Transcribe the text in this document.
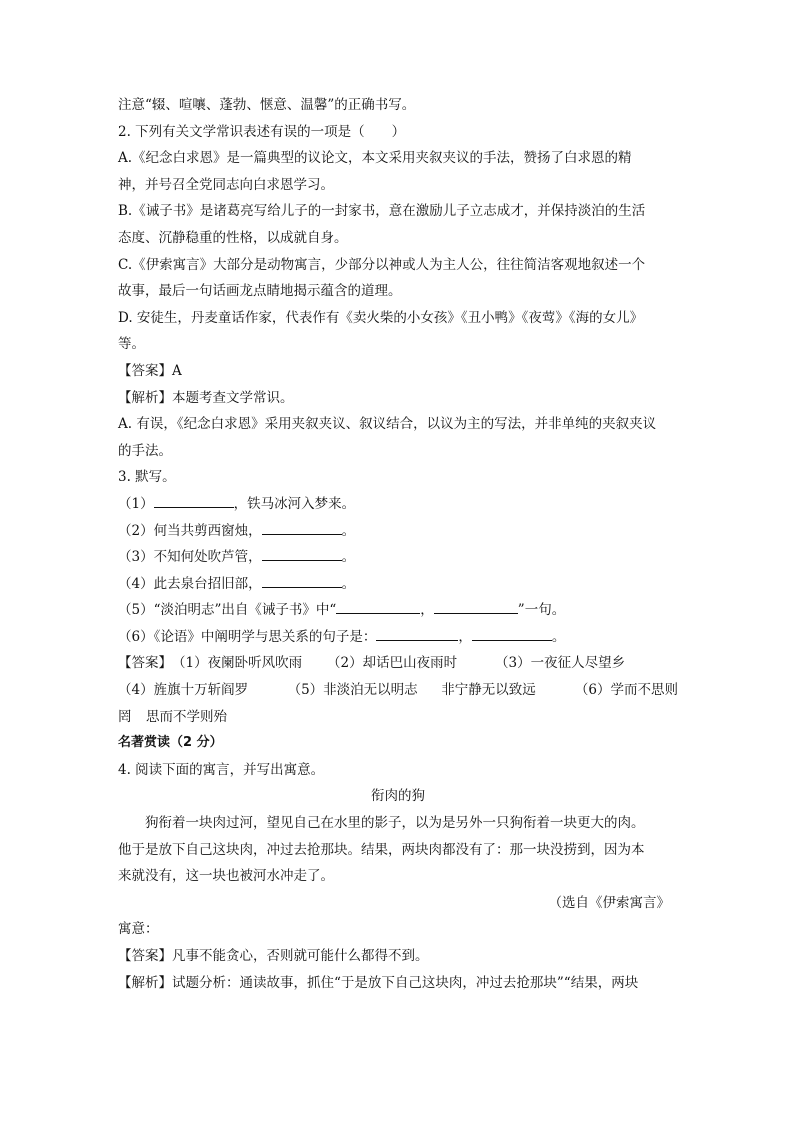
注意“辍、喧嚷、蓬勃、惬意、温馨”的正确书写。
2. 下列有关文学常识表述有误的一项是（　　）
A.《纪念白求恩》是一篇典型的议论文，本文采用夹叙夹议的手法，赞扬了白求恩的精
神，并号召全党同志向白求恩学习。
B.《诫子书》是诸葛亮写给儿子的一封家书，意在激励儿子立志成才，并保持淡泊的生活
态度、沉静稳重的性格，以成就自身。
C.《伊索寓言》大部分是动物寓言，少部分以神或人为主人公，往往简洁客观地叙述一个
故事，最后一句话画龙点睛地揭示蕴含的道理。
D. 安徒生，丹麦童话作家，代表作有《卖火柴的小女孩》《丑小鸭》《夜莺》《海的女儿》
等。
【答案】A
【解析】本题考查文学常识。
A. 有误，《纪念白求恩》采用夹叙夹议、叙议结合，以议为主的写法，并非单纯的夹叙夹议
的手法。
3. 默写。
（1）	，铁马冰河入梦来。
（2）何当共剪西窗烛，	。
（3）不知何处吹芦管，	。
（4）此去泉台招旧部，	。
（5）“淡泊明志”出自《诫子书》中“	，	”一句。
（6）《论语》中阐明学与思关系的句子是：	，	。
【答案】 （1）夜阑卧听风吹雨	（2）却话巴山夜雨时	（3）一夜征人尽望乡
（4）旌旗十万斩阎罗	（5）非淡泊无以明志	非宁静无以致远	（6）学而不思则
罔	思而不学则殆
名著赏读（2 分）
4. 阅读下面的寓言，并写出寓意。
衔肉的狗
狗衔着一块肉过河，望见自己在水里的影子，以为是另外一只狗衔着一块更大的肉。
他于是放下自己这块肉，冲过去抢那块。结果，两块肉都没有了：那一块没捞到，因为本
来就没有，这一块也被河水冲走了。
（选自《伊索寓言》
寓意：
【答案】凡事不能贪心，否则就可能什么都得不到。
【解析】试题分析：通读故事，抓住“于是放下自己这块肉，冲过去抢那块”“结果，两块
